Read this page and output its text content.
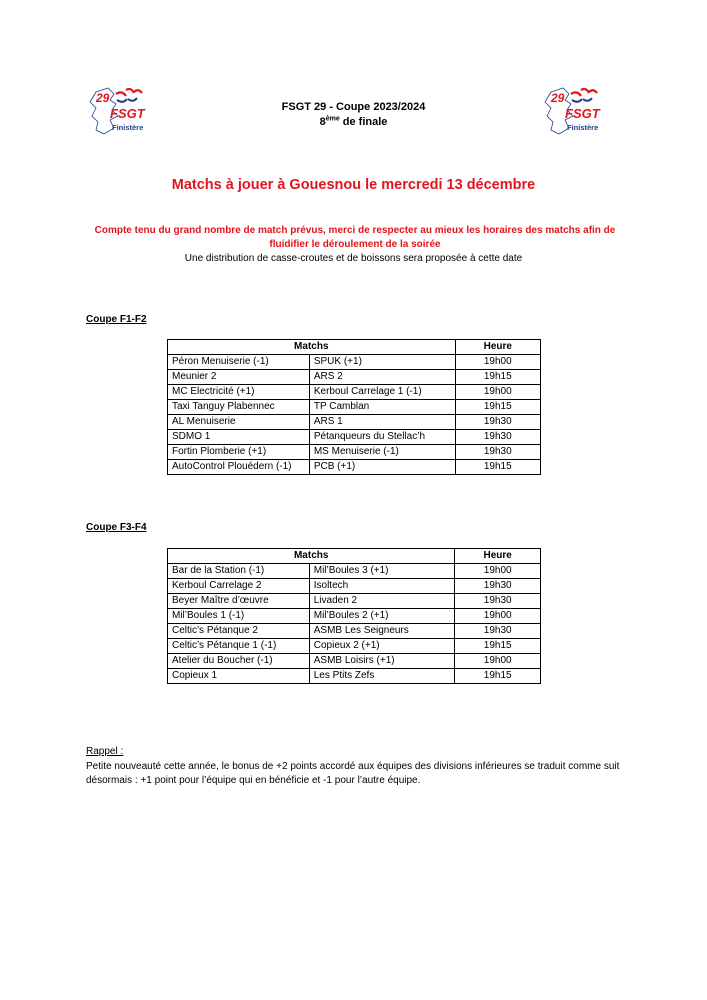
29
FSGT
Finistère
29
FSGT
Finistère
FSGT 29 - Coupe 2023/2024
8ème de finale
Matchs à jouer à Gouesnou le mercredi 13 décembre
Compte tenu du grand nombre de match prévus, merci de respecter au mieux les horaires des matchs afin de fluidifier le déroulement de la soirée
Une distribution de casse-croutes et de boissons sera proposée à cette date
Coupe F1-F2
Matchs		Heure
Péron Menuiserie (-1)	SPUK (+1)	19h00
Meunier 2	ARS 2	19h15
MC Electricité (+1)	Kerboul Carrelage 1 (-1)	19h00
Taxi Tanguy Plabennec	TP Camblan	19h15
AL Menuiserie	ARS 1	19h30
SDMO 1	Pétanqueurs du Stellac’h	19h30
Fortin Plomberie (+1)	MS Menuiserie (-1)	19h30
AutoControl Plouédern (-1)	PCB (+1)	19h15
Coupe F3-F4
Matchs		Heure
Bar de la Station (-1)	Mil’Boules 3 (+1)	19h00
Kerboul Carrelage 2	Isoltech	19h30
Beyer Maître d’œuvre	Livaden 2	19h30
Mil’Boules 1 (-1)	Mil’Boules 2 (+1)	19h00
Celtic’s Pétanque 2	ASMB Les Seigneurs	19h30
Celtic’s Pétanque 1 (-1)	Copieux 2 (+1)	19h15
Atelier du Boucher (-1)	ASMB Loisirs (+1)	19h00
Copieux 1	Les Ptits Zefs	19h15
Rappel :
Petite nouveauté cette année, le bonus de +2 points accordé aux équipes des divisions inférieures se traduit comme suit désormais : +1 point pour l’équipe qui en bénéficie et -1 pour l’autre équipe.
